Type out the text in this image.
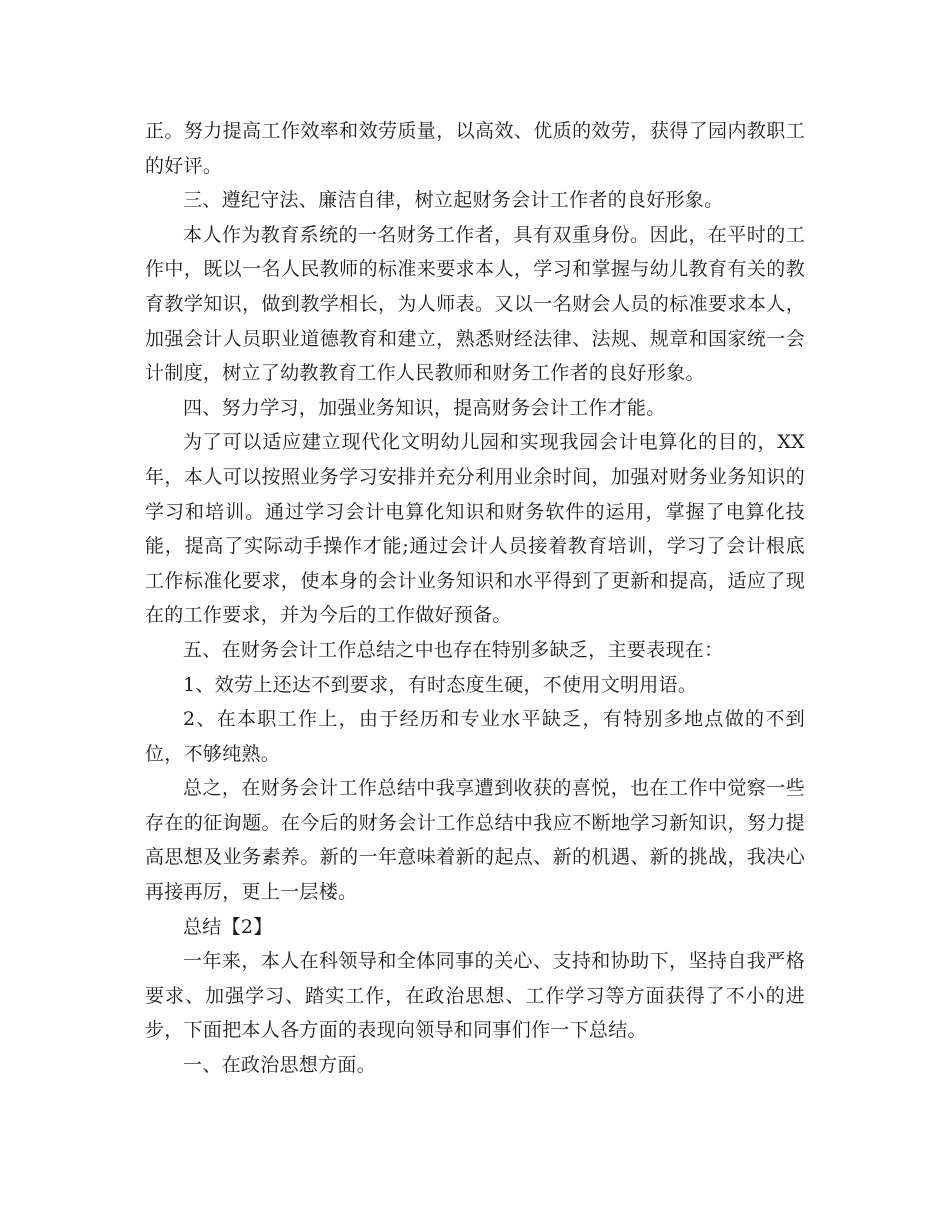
正。努力提高工作效率和效劳质量，以高效、优质的效劳，获得了园内教职工的好评。

三、遵纪守法、廉洁自律，树立起财务会计工作者的良好形象。

本人作为教育系统的一名财务工作者，具有双重身份。因此，在平时的工作中，既以一名人民教师的标准来要求本人，学习和掌握与幼儿教育有关的教育教学知识，做到教学相长，为人师表。又以一名财会人员的标准要求本人，加强会计人员职业道德教育和建立，熟悉财经法律、法规、规章和国家统一会计制度，树立了幼教教育工作人民教师和财务工作者的良好形象。

四、努力学习，加强业务知识，提高财务会计工作才能。

为了可以适应建立现代化文明幼儿园和实现我园会计电算化的目的，XX年，本人可以按照业务学习安排并充分利用业余时间，加强对财务业务知识的学习和培训。通过学习会计电算化知识和财务软件的运用，掌握了电算化技能，提高了实际动手操作才能;通过会计人员接着教育培训，学习了会计根底工作标准化要求，使本身的会计业务知识和水平得到了更新和提高，适应了现在的工作要求，并为今后的工作做好预备。

五、在财务会计工作总结之中也存在特别多缺乏，主要表现在：

1、效劳上还达不到要求，有时态度生硬，不使用文明用语。

2、在本职工作上，由于经历和专业水平缺乏，有特别多地点做的不到位，不够纯熟。

总之，在财务会计工作总结中我享遭到收获的喜悦，也在工作中觉察一些存在的征询题。在今后的财务会计工作总结中我应不断地学习新知识，努力提高思想及业务素养。新的一年意味着新的起点、新的机遇、新的挑战，我决心再接再厉，更上一层楼。

总结【2】

一年来，本人在科领导和全体同事的关心、支持和协助下，坚持自我严格要求、加强学习、踏实工作，在政治思想、工作学习等方面获得了不小的进步，下面把本人各方面的表现向领导和同事们作一下总结。

一、在政治思想方面。
